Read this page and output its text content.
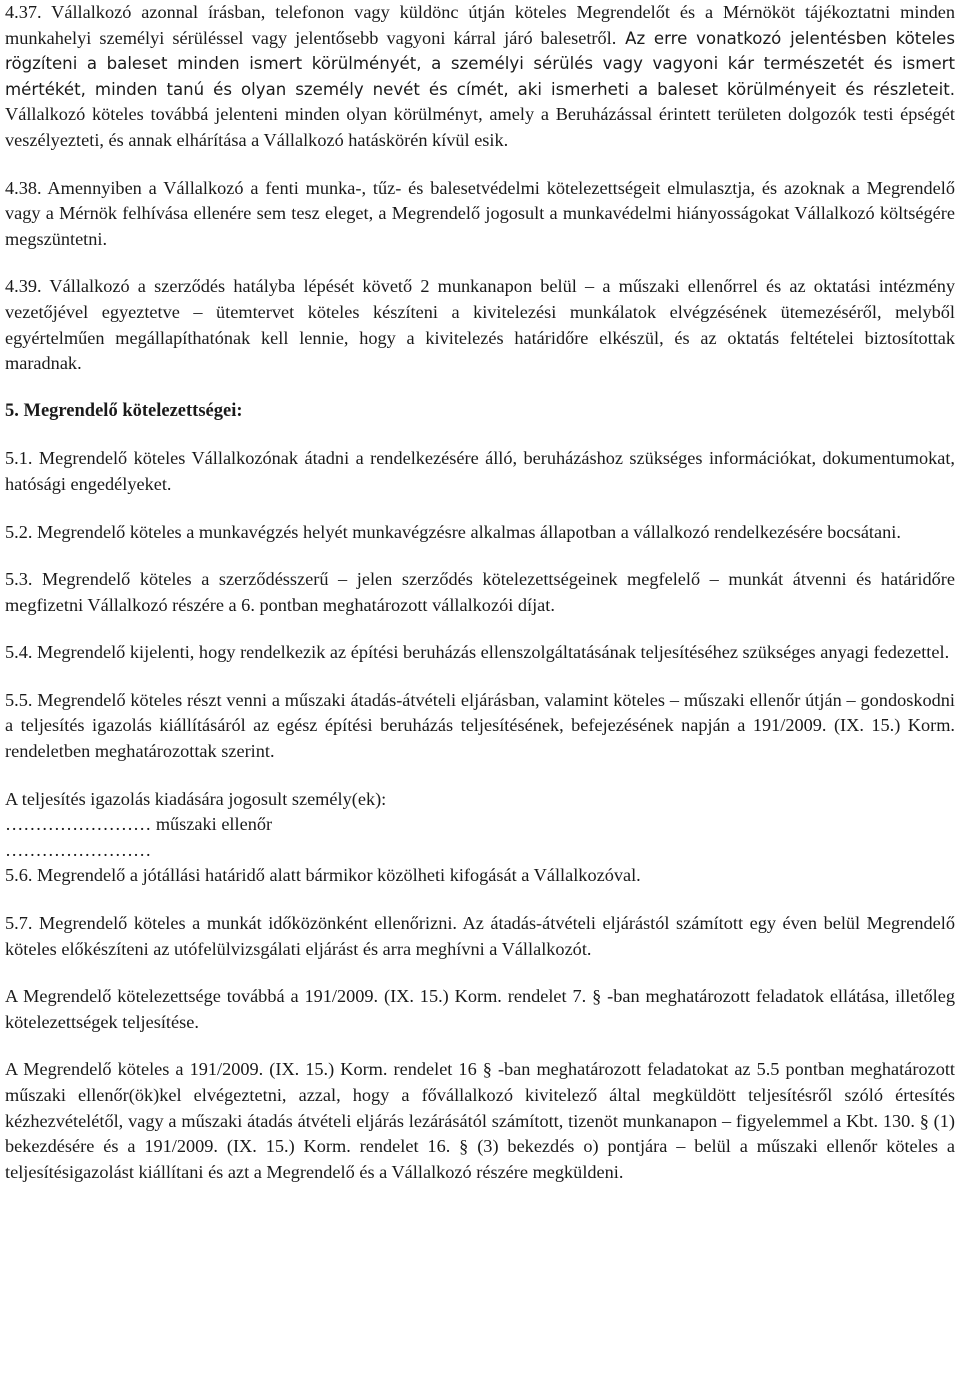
4.37. Vállalkozó azonnal írásban, telefonon vagy küldönc útján köteles Megrendelőt és a Mérnököt tájékoztatni minden munkahelyi személyi sérüléssel vagy jelentősebb vagyoni kárral járó balesetről. Az erre vonatkozó jelentésben köteles rögzíteni a baleset minden ismert körülményét, a személyi sérülés vagy vagyoni kár természetét és ismert mértékét, minden tanú és olyan személy nevét és címét, aki ismerheti a baleset körülményeit és részleteit. Vállalkozó köteles továbbá jelenteni minden olyan körülményt, amely a Beruházással érintett területen dolgozók testi épségét veszélyezteti, és annak elhárítása a Vállalkozó hatáskörén kívül esik.

4.38. Amennyiben a Vállalkozó a fenti munka-, tűz- és balesetvédelmi kötelezettségeit elmulasztja, és azoknak a Megrendelő vagy a Mérnök felhívása ellenére sem tesz eleget, a Megrendelő jogosult a munkavédelmi hiányosságokat Vállalkozó költségére megszüntetni.

4.39. Vállalkozó a szerződés hatályba lépését követő 2 munkanapon belül – a műszaki ellenőrrel és az oktatási intézmény vezetőjével egyeztetve – ütemtervet köteles készíteni a kivitelezési munkálatok elvégzésének ütemezéséről, melyből egyértelműen megállapíthatónak kell lennie, hogy a kivitelezés határidőre elkészül, és az oktatás feltételei biztosítottak maradnak.

5. Megrendelő kötelezettségei:

5.1. Megrendelő köteles Vállalkozónak átadni a rendelkezésére álló, beruházáshoz szükséges információkat, dokumentumokat, hatósági engedélyeket.

5.2. Megrendelő köteles a munkavégzés helyét munkavégzésre alkalmas állapotban a vállalkozó rendelkezésére bocsátani.

5.3. Megrendelő köteles a szerződésszerű – jelen szerződés kötelezettségeinek megfelelő – munkát átvenni és határidőre megfizetni Vállalkozó részére a 6. pontban meghatározott vállalkozói díjat.

5.4. Megrendelő kijelenti, hogy rendelkezik az építési beruházás ellenszolgáltatásának teljesítéséhez szükséges anyagi fedezettel.

5.5. Megrendelő köteles részt venni a műszaki átadás-átvételi eljárásban, valamint köteles – műszaki ellenőr útján – gondoskodni a teljesítés igazolás kiállításáról az egész építési beruházás teljesítésének, befejezésének napján a 191/2009. (IX. 15.) Korm. rendeletben meghatározottak szerint.

A teljesítés igazolás kiadására jogosult személy(ek):
…………………… műszaki ellenőr
……………………

5.6. Megrendelő a jótállási határidő alatt bármikor közölheti kifogását a Vállalkozóval.

5.7. Megrendelő köteles a munkát időközönként ellenőrizni. Az átadás-átvételi eljárástól számított egy éven belül Megrendelő köteles előkészíteni az utófelülvizsgálati eljárást és arra meghívni a Vállalkozót.

A Megrendelő kötelezettsége továbbá a 191/2009. (IX. 15.) Korm. rendelet 7. § -ban meghatározott feladatok ellátása, illetőleg kötelezettségek teljesítése.

A Megrendelő köteles a 191/2009. (IX. 15.) Korm. rendelet 16 § -ban meghatározott feladatokat az 5.5 pontban meghatározott műszaki ellenőr(ök)kel elvégeztetni, azzal, hogy a fővállalkozó kivitelező által megküldött teljesítésről szóló értesítés kézhezvételétől, vagy a műszaki átadás átvételi eljárás lezárásától számított, tizenöt munkanapon – figyelemmel a Kbt. 130. § (1) bekezdésére és a 191/2009. (IX. 15.) Korm. rendelet 16. § (3) bekezdés o) pontjára – belül a műszaki ellenőr köteles a teljesítésigazolást kiállítani és azt a Megrendelő és a Vállalkozó részére megküldeni.
